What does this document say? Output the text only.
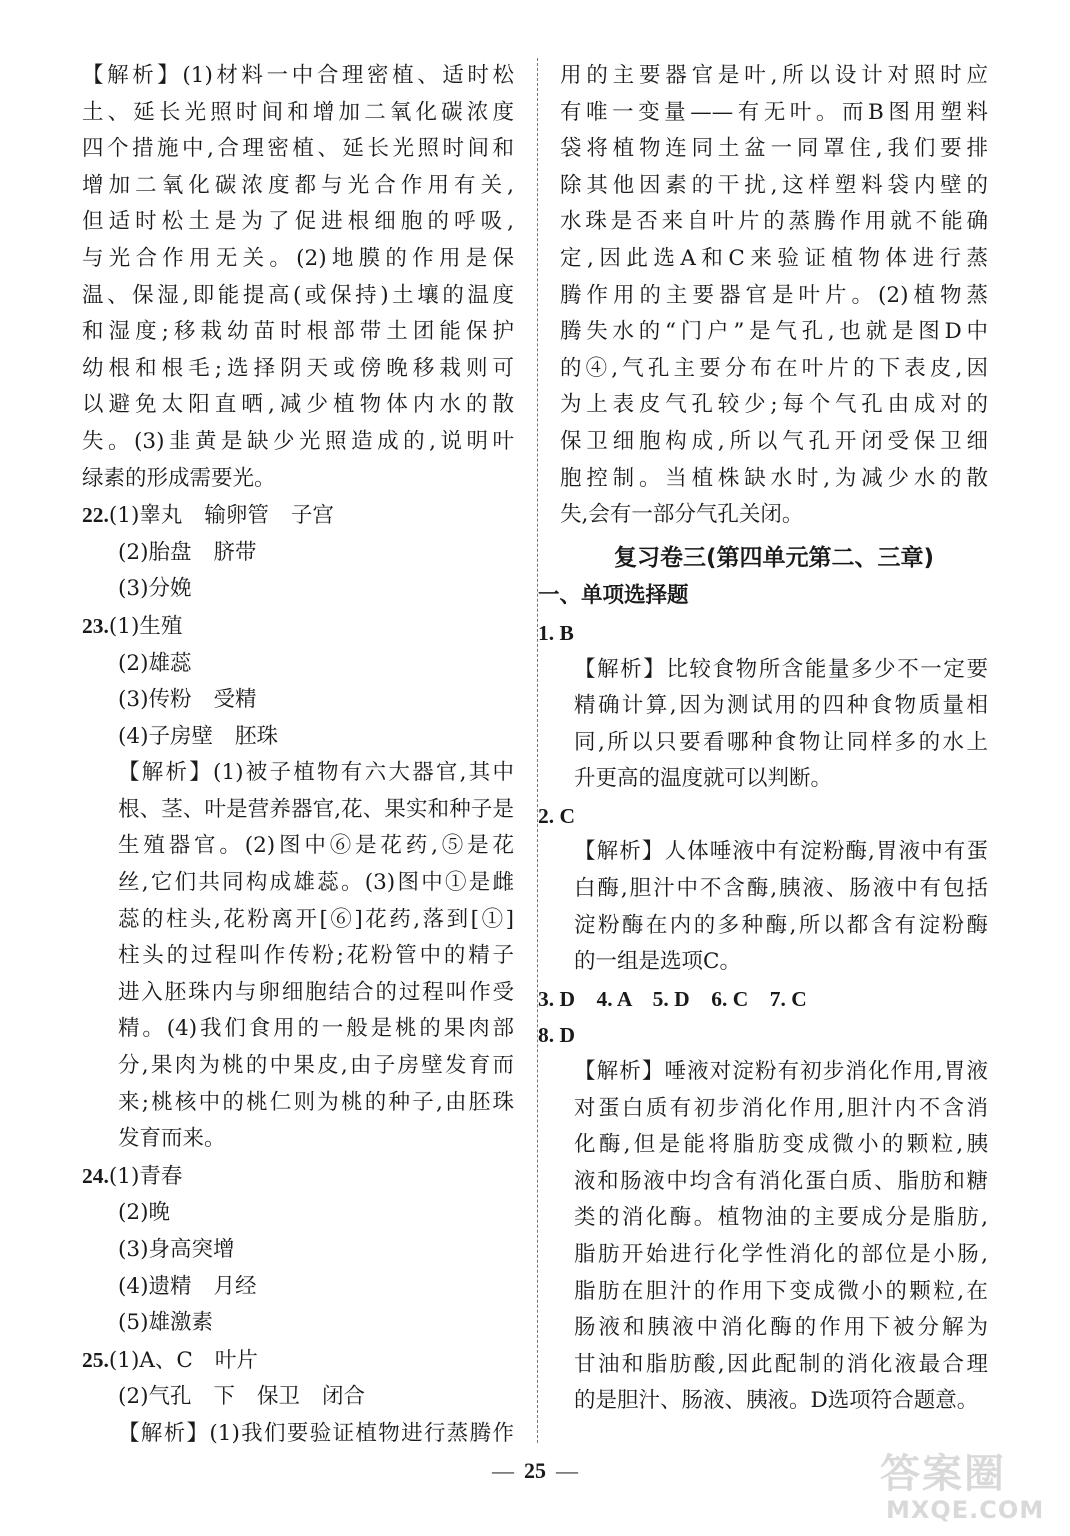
【解析】(1)材料一中合理密植、适时松

土、延长光照时间和增加二氧化碳浓度

四个措施中,合理密植、延长光照时间和

增加二氧化碳浓度都与光合作用有关,

但适时松土是为了促进根细胞的呼吸,

与光合作用无关。(2)地膜的作用是保

温、保湿,即能提高(或保持)土壤的温度

和湿度;移栽幼苗时根部带土团能保护

幼根和根毛;选择阴天或傍晚移栽则可

以避免太阳直晒,减少植物体内水的散

失。(3)韭黄是缺少光照造成的,说明叶

绿素的形成需要光。

22.(1)睾丸 输卵管 子宫

(2)胎盘 脐带

(3)分娩

23.(1)生殖

(2)雄蕊

(3)传粉 受精

(4)子房壁 胚珠

【解析】(1)被子植物有六大器官,其中

根、茎、叶是营养器官,花、果实和种子是

生殖器官。(2)图中⑥是花药,⑤是花

丝,它们共同构成雄蕊。(3)图中①是雌

蕊的柱头,花粉离开[⑥]花药,落到[①]

柱头的过程叫作传粉;花粉管中的精子

进入胚珠内与卵细胞结合的过程叫作受

精。(4)我们食用的一般是桃的果肉部

分,果肉为桃的中果皮,由子房壁发育而

来;桃核中的桃仁则为桃的种子,由胚珠

发育而来。

24.(1)青春

(2)晚

(3)身高突增

(4)遗精 月经

(5)雄激素

25.(1)A、C 叶片

(2)气孔 下 保卫 闭合

【解析】(1)我们要验证植物进行蒸腾作

用的主要器官是叶,所以设计对照时应

有唯一变量——有无叶。而B图用塑料

袋将植物连同土盆一同罩住,我们要排

除其他因素的干扰,这样塑料袋内壁的

水珠是否来自叶片的蒸腾作用就不能确

定,因此选A和C来验证植物体进行蒸

腾作用的主要器官是叶片。(2)植物蒸

腾失水的“门户”是气孔,也就是图D中

的④,气孔主要分布在叶片的下表皮,因

为上表皮气孔较少;每个气孔由成对的

保卫细胞构成,所以气孔开闭受保卫细

胞控制。当植株缺水时,为减少水的散

失,会有一部分气孔关闭。

复习卷三(第四单元第二、三章)

一、单项选择题

1. B

【解析】比较食物所含能量多少不一定要

精确计算,因为测试用的四种食物质量相

同,所以只要看哪种食物让同样多的水上

升更高的温度就可以判断。

2. C

【解析】人体唾液中有淀粉酶,胃液中有蛋

白酶,胆汁中不含酶,胰液、肠液中有包括

淀粉酶在内的多种酶,所以都含有淀粉酶

的一组是选项C。

3. D    4. A    5. D    6. C    7. C

8. D

【解析】唾液对淀粉有初步消化作用,胃液

对蛋白质有初步消化作用,胆汁内不含消

化酶,但是能将脂肪变成微小的颗粒,胰

液和肠液中均含有消化蛋白质、脂肪和糖

类的消化酶。植物油的主要成分是脂肪,

脂肪开始进行化学性消化的部位是小肠,

脂肪在胆汁的作用下变成微小的颗粒,在

肠液和胰液中消化酶的作用下被分解为

甘油和脂肪酸,因此配制的消化液最合理

的是胆汁、肠液、胰液。D选项符合题意。

— 25 —	答案圈
MXQE.COM
